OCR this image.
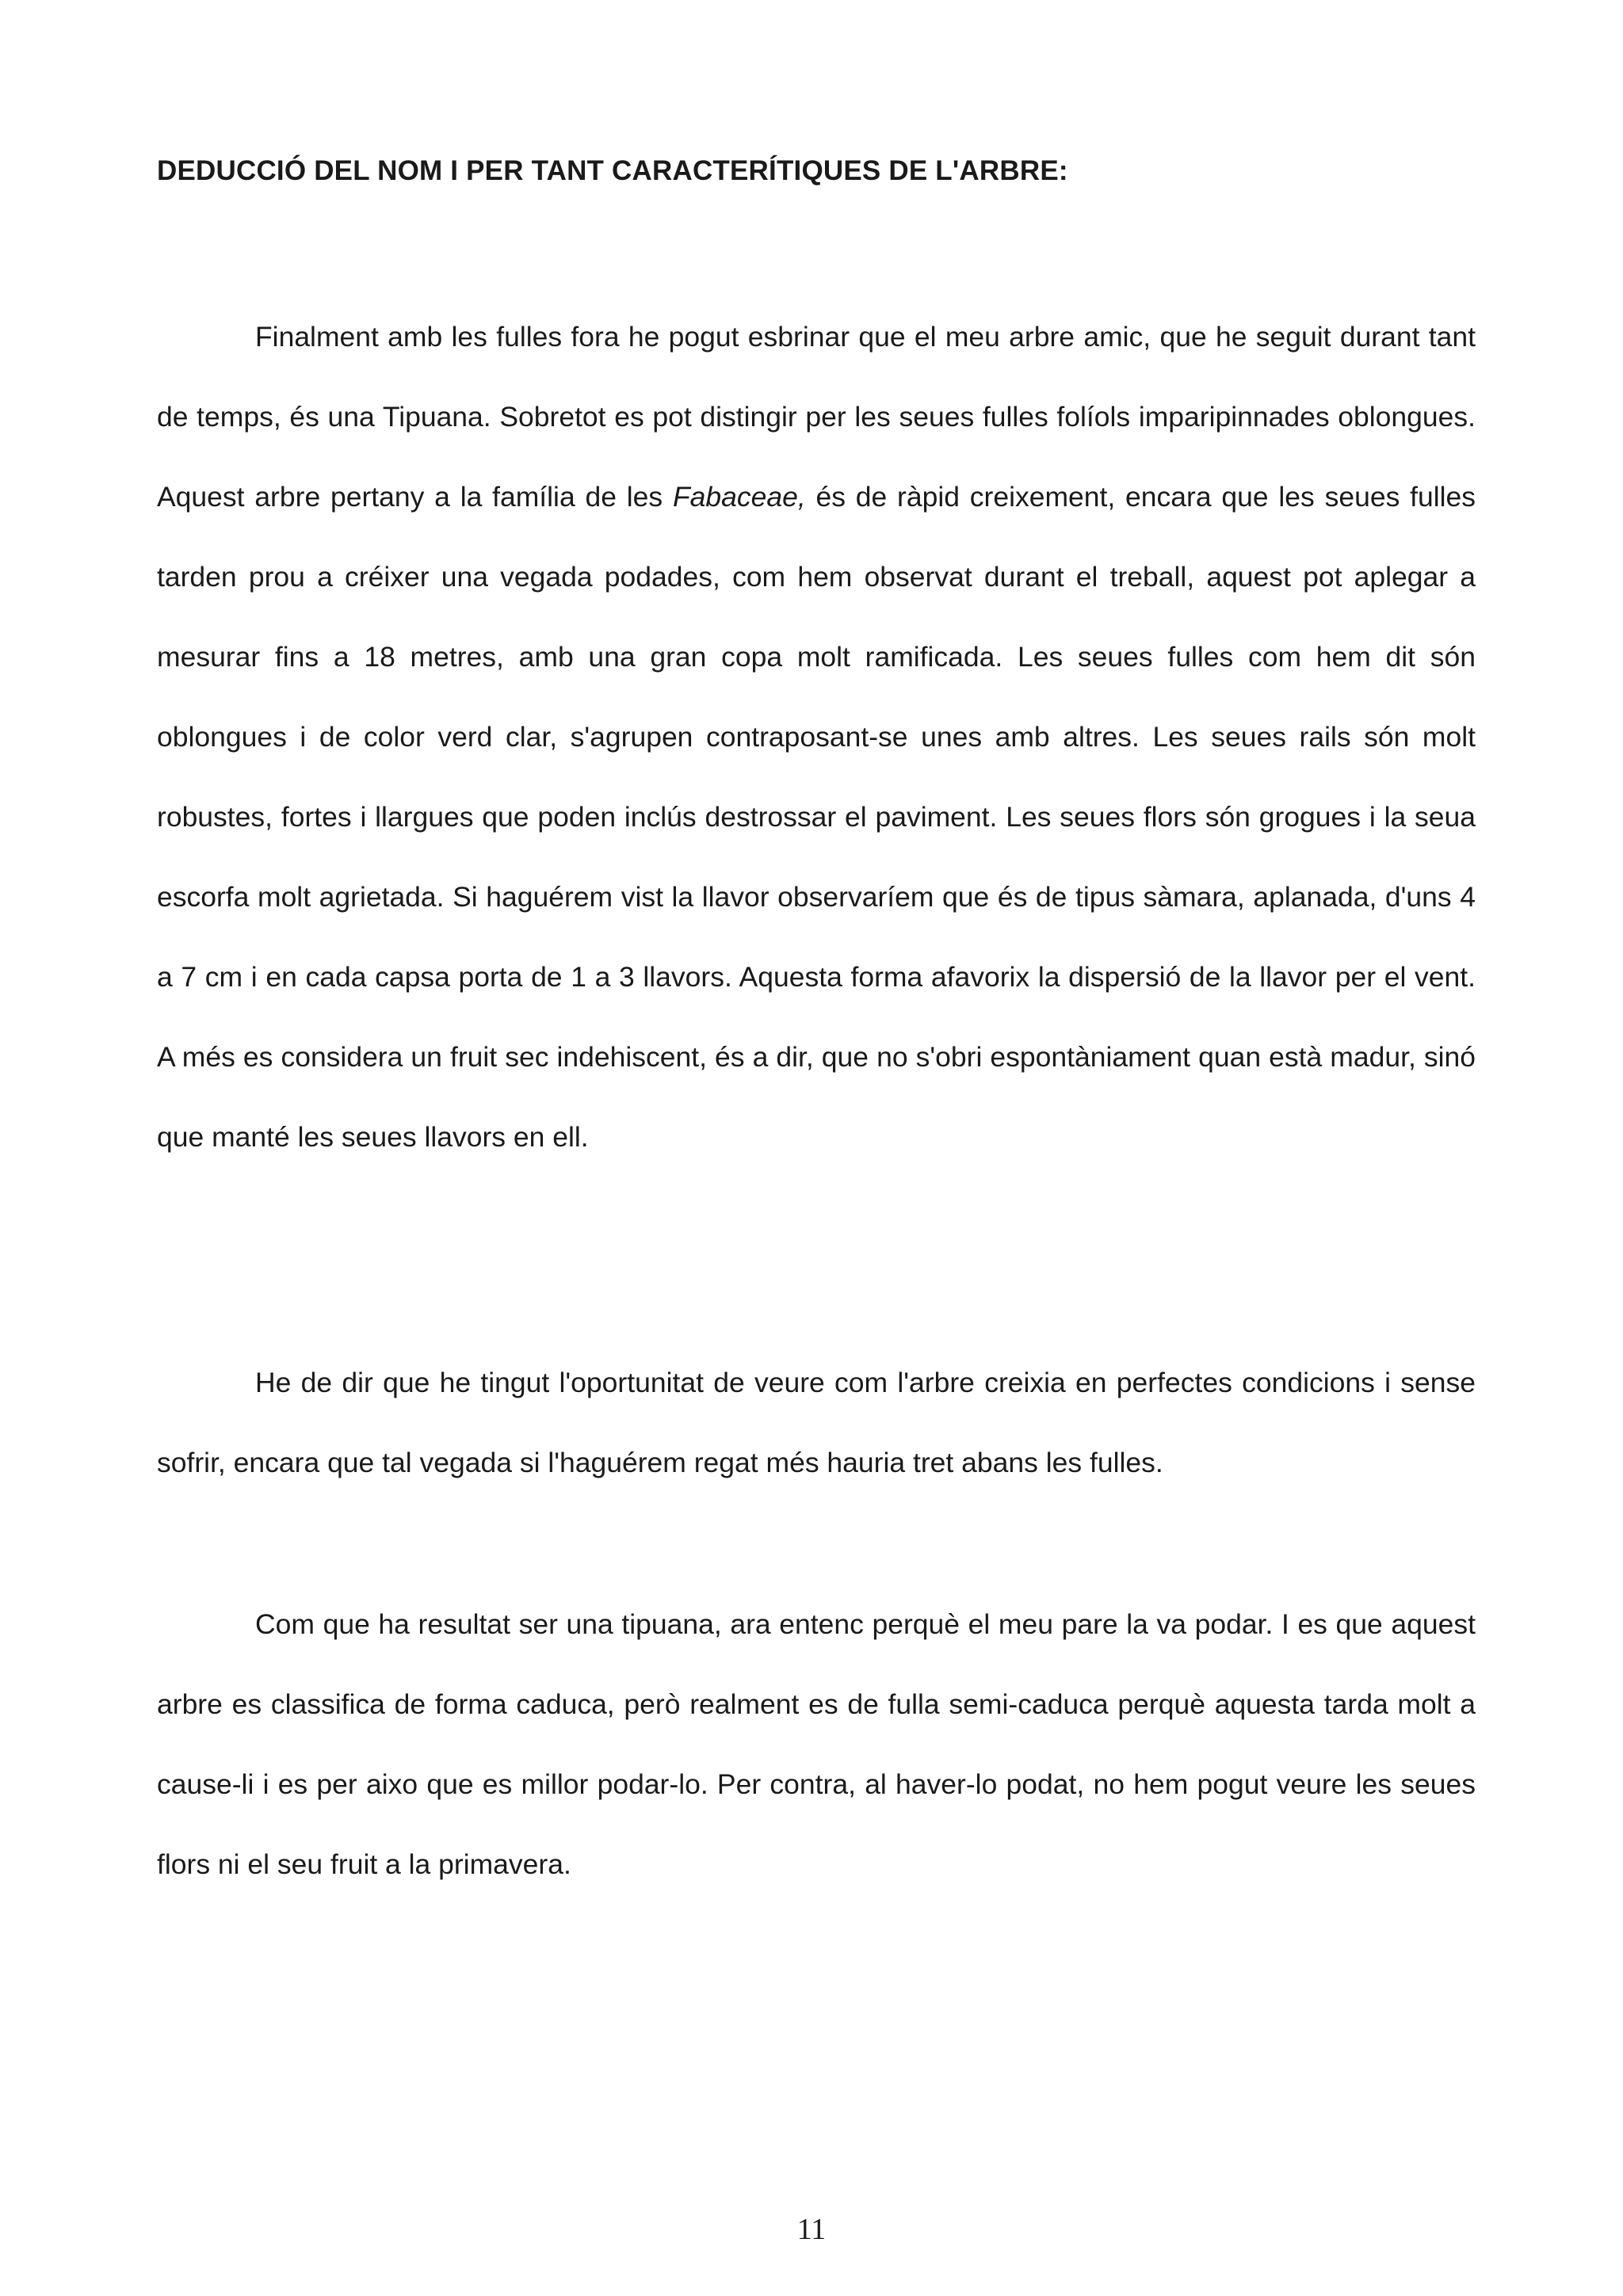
DEDUCCIÓ DEL NOM I PER TANT CARACTERÍTIQUES DE L'ARBRE:

Finalment amb les fulles fora he pogut esbrinar que el meu arbre amic, que he seguit durant tant de temps, és una Tipuana. Sobretot es pot distingir per les seues fulles folíols imparipinnades oblongues. Aquest arbre pertany a la família de les Fabaceae, és de ràpid creixement, encara que les seues fulles tarden prou a créixer una vegada podades, com hem observat durant el treball, aquest pot aplegar a mesurar fins a 18 metres, amb una gran copa molt ramificada. Les seues fulles com hem dit són oblongues i de color verd clar, s'agrupen contraposant-se unes amb altres. Les seues rails són molt robustes, fortes i llargues que poden inclús destrossar el paviment. Les seues flors són grogues i la seua escorfa molt agrietada. Si haguérem vist la llavor observaríem que és de tipus sàmara, aplanada, d'uns 4 a 7 cm i en cada capsa porta de 1 a 3 llavors. Aquesta forma afavorix la dispersió de la llavor per el vent. A més es considera un fruit sec indehiscent, és a dir, que no s'obri espontàniament quan està madur, sinó que manté les seues llavors en ell.

He de dir que he tingut l'oportunitat de veure com l'arbre creixia en perfectes condicions i sense sofrir, encara que tal vegada si l'haguérem regat més hauria tret abans les fulles.

Com que ha resultat ser una tipuana, ara entenc perquè el meu pare la va podar. I es que aquest arbre es classifica de forma caduca, però realment es de fulla semi-caduca perquè aquesta tarda molt a cause-li i es per aixo que es millor podar-lo. Per contra, al haver-lo podat, no hem pogut veure les seues flors ni el seu fruit a la primavera.

11
